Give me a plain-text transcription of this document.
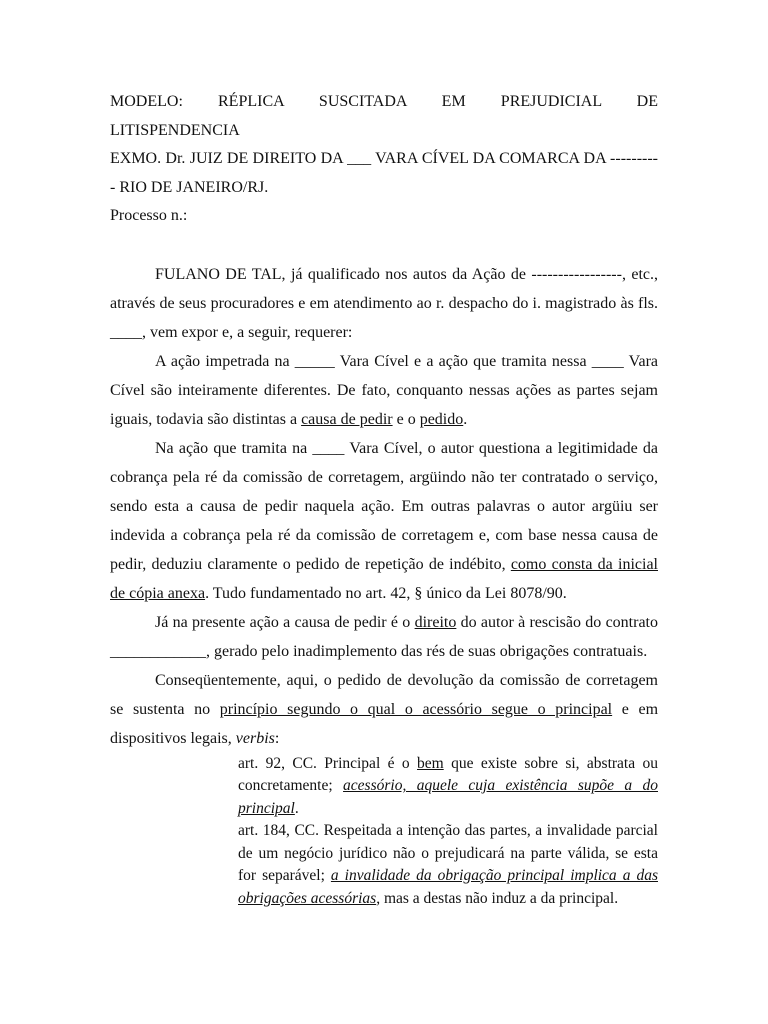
MODELO: RÉPLICA SUSCITADA EM PREJUDICIAL DE

LITISPENDENCIA

EXMO. Dr. JUIZ DE DIREITO DA ___ VARA CÍVEL DA COMARCA DA ---------- RIO DE JANEIRO/RJ.

Processo n.:

FULANO DE TAL, já qualificado nos autos da Ação de -----------------, etc., através de seus procuradores e em atendimento ao r. despacho do i. magistrado às fls. ____, vem expor e, a seguir, requerer:

A ação impetrada na _____ Vara Cível e a ação que tramita nessa ____ Vara Cível são inteiramente diferentes. De fato, conquanto nessas ações as partes sejam iguais, todavia são distintas a causa de pedir e o pedido.

Na ação que tramita na ____ Vara Cível, o autor questiona a legitimidade da cobrança pela ré da comissão de corretagem, argüindo não ter contratado o serviço, sendo esta a causa de pedir naquela ação. Em outras palavras o autor argüiu ser indevida a cobrança pela ré da comissão de corretagem e, com base nessa causa de pedir, deduziu claramente o pedido de repetição de indébito, como consta da inicial de cópia anexa. Tudo fundamentado no art. 42, § único da Lei 8078/90.

Já na presente ação a causa de pedir é o direito do autor à rescisão do contrato ____________, gerado pelo inadimplemento das rés de suas obrigações contratuais.

Conseqüentemente, aqui, o pedido de devolução da comissão de corretagem se sustenta no princípio segundo o qual o acessório segue o principal e em dispositivos legais, verbis:

art. 92, CC. Principal é o bem que existe sobre si, abstrata ou concretamente; acessório, aquele cuja existência supõe a do principal.

art. 184, CC. Respeitada a intenção das partes, a invalidade parcial de um negócio jurídico não o prejudicará na parte válida, se esta for separável; a invalidade da obrigação principal implica a das obrigações acessórias, mas a destas não induz a da principal.
